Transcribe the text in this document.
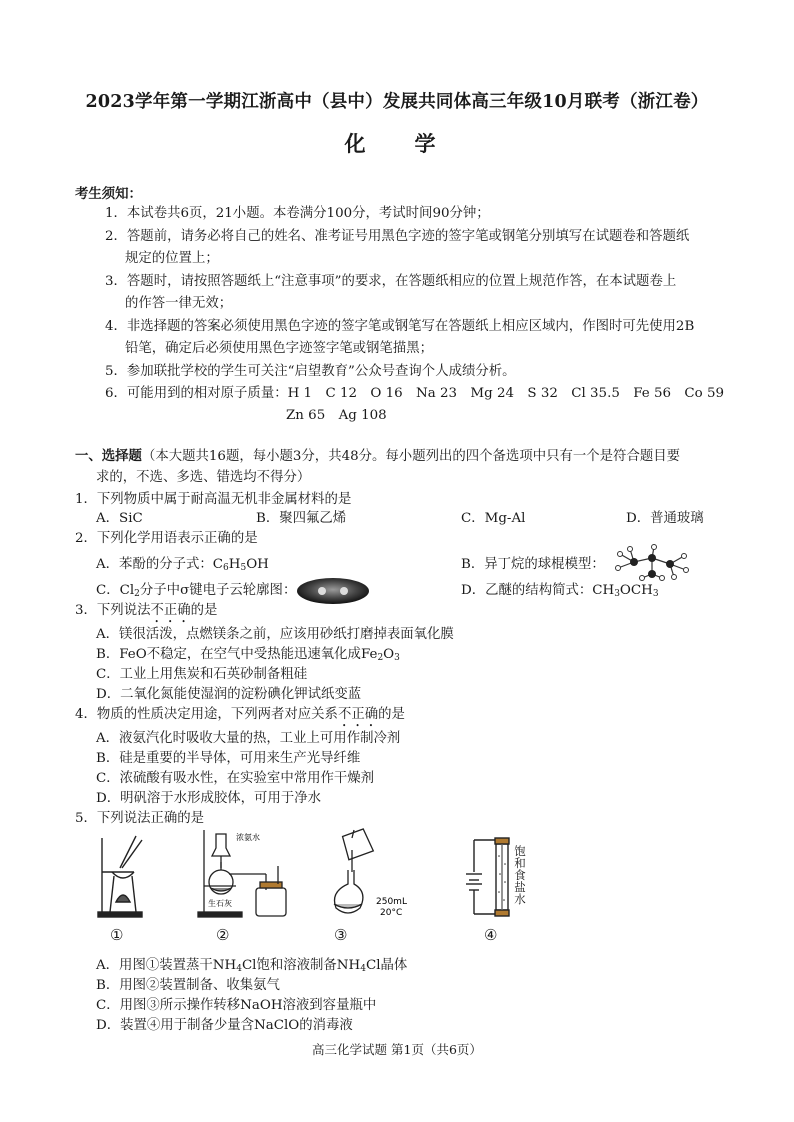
2023学年第一学期江浙高中（县中）发展共同体高三年级10月联考（浙江卷）
化　学
考生须知：
1．本试卷共6页，21小题。本卷满分100分，考试时间90分钟；
2．答题前，请务必将自己的姓名、准考证号用黑色字迹的签字笔或钢笔分别填写在试题卷和答题纸
规定的位置上；
3．答题时，请按照答题纸上“注意事项”的要求，在答题纸相应的位置上规范作答，在本试题卷上
的作答一律无效；
4．非选择题的答案必须使用黑色字迹的签字笔或钢笔写在答题纸上相应区域内，作图时可先使用2B
铅笔，确定后必须使用黑色字迹签字笔或钢笔描黑；
5．参加联批学校的学生可关注“启望教育”公众号查询个人成绩分析。
6．可能用到的相对原子质量：H 1　C 12　O 16　Na 23　Mg 24　S 32　Cl 35.5　Fe 56　Co 59
Zn 65　Ag 108
一、选择题（本大题共16题，每小题3分，共48分。每小题列出的四个备选项中只有一个是符合题目要
求的，不选、多选、错选均不得分）
1．下列物质中属于耐高温无机非金属材料的是
A．SiC	B．聚四氟乙烯	C．Mg-Al	D．普通玻璃
2．下列化学用语表示正确的是
A．苯酚的分子式：$C_6H_5OH$	B．异丁烷的球棍模型：
C．$Cl_2$分子中σ键电子云轮廓图：	D．乙醚的结构简式：$CH_3OCH_3$
3．下列说法不正确的是
A．镁很活泼，点燃镁条之前，应该用砂纸打磨掉表面氧化膜
B．FeO不稳定，在空气中受热能迅速氧化成$Fe_2O_3$
C．工业上用焦炭和石英砂制备粗硅
D．二氧化氮能使湿润的淀粉碘化钾试纸变蓝
4．物质的性质决定用途，下列两者对应关系不正确的是
A．液氨汽化时吸收大量的热，工业上可用作制冷剂
B．硅是重要的半导体，可用来生产光导纤维
C．浓硫酸有吸水性，在实验室中常用作干燥剂
D．明矾溶于水形成胶体，可用于净水
5．下列说法正确的是
①
浓氨水
生石灰
②
250mL
20°C
③
饱
和
食
盐
水
④
A．用图①装置蒸干$NH_4Cl$饱和溶液制备$NH_4Cl$晶体
B．用图②装置制备、收集氨气
C．用图③所示操作转移NaOH溶液到容量瓶中
D．装置④用于制备少量含NaClO的消毒液
高三化学试题 第1页（共6页）
